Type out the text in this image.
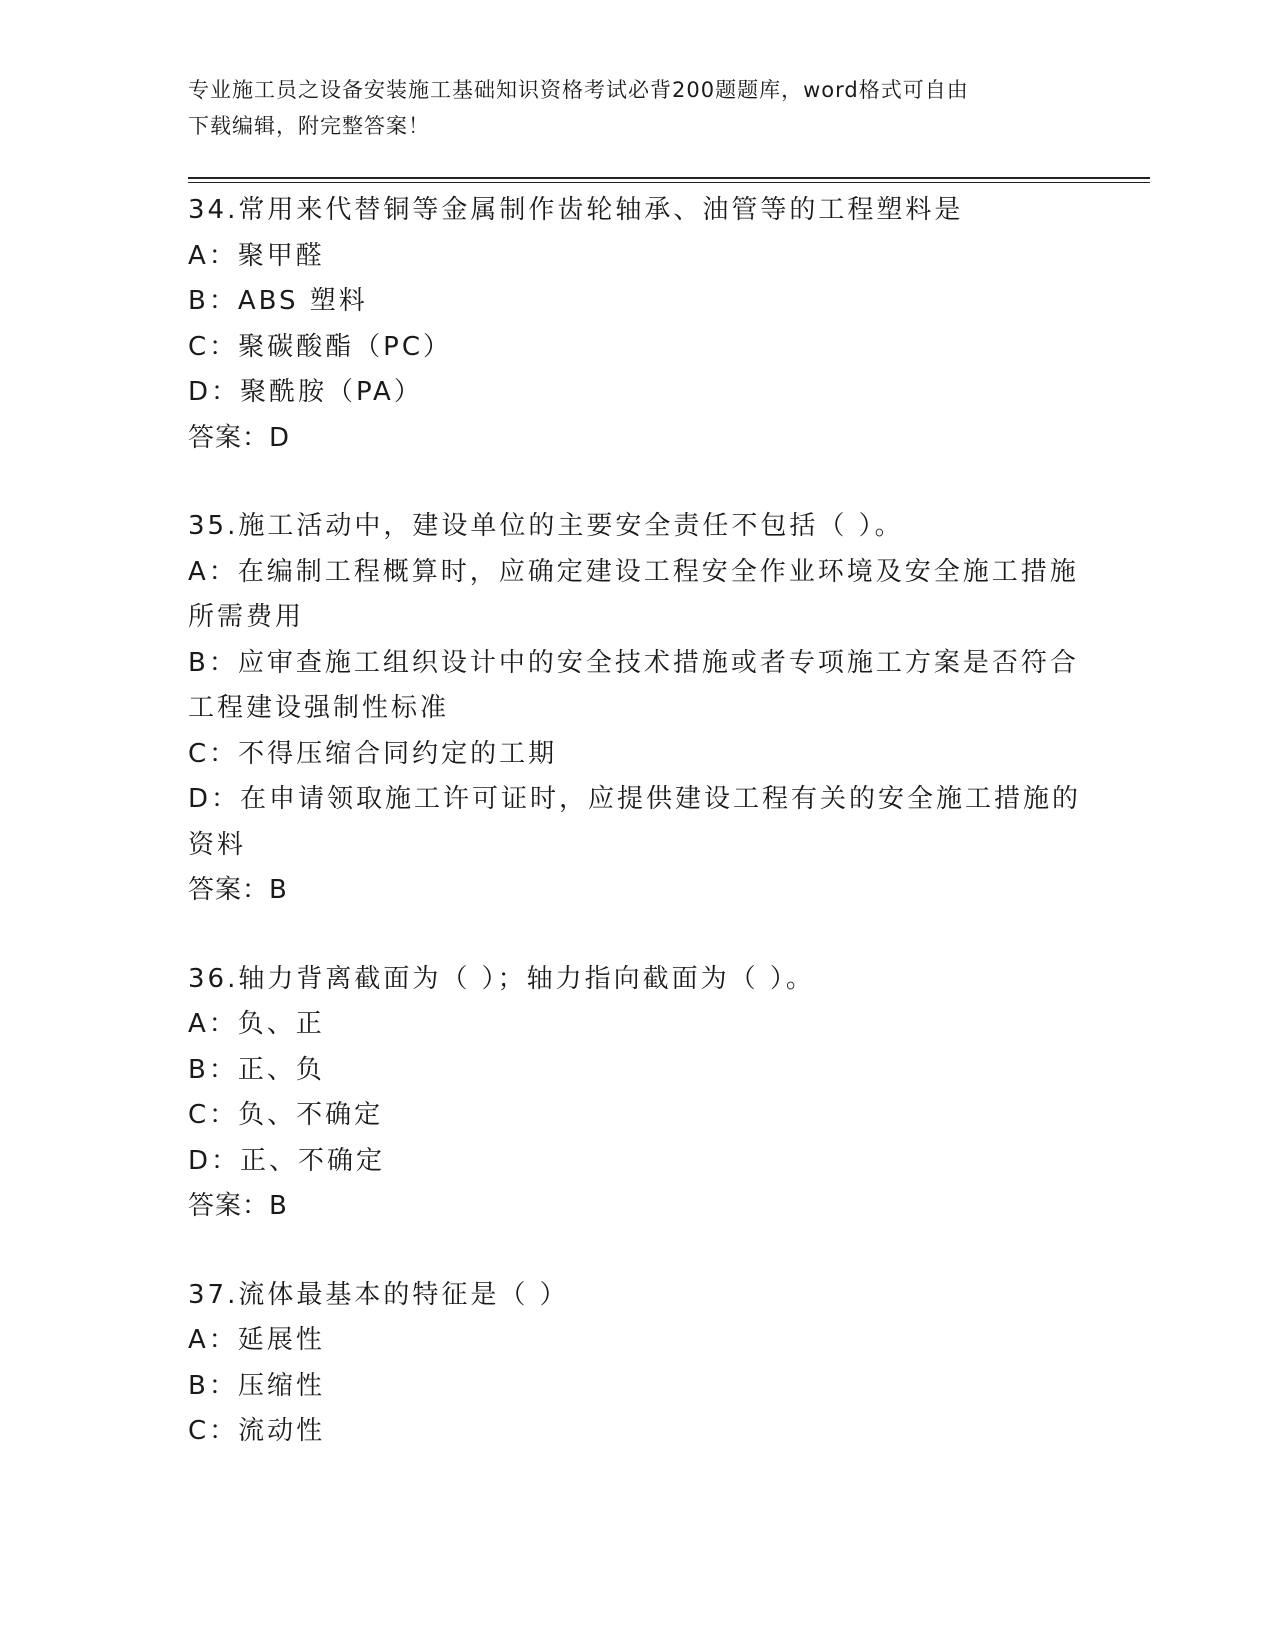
专业施工员之设备安装施工基础知识资格考试必背200题题库，word格式可自由
下载编辑，附完整答案！
34.常用来代替铜等金属制作齿轮轴承、油管等的工程塑料是
A：聚甲醛
B：ABS 塑料
C：聚碳酸酯（PC）
D：聚酰胺（PA）
答案：D
35.施工活动中，建设单位的主要安全责任不包括（ ）。
A：在编制工程概算时，应确定建设工程安全作业环境及安全施工措施
所需费用
B：应审查施工组织设计中的安全技术措施或者专项施工方案是否符合
工程建设强制性标准
C：不得压缩合同约定的工期
D：在申请领取施工许可证时，应提供建设工程有关的安全施工措施的
资料
答案：B
36.轴力背离截面为（ ）；轴力指向截面为（ ）。
A：负、正
B：正、负
C：负、不确定
D：正、不确定
答案：B
37.流体最基本的特征是（ ）
A：延展性
B：压缩性
C：流动性
